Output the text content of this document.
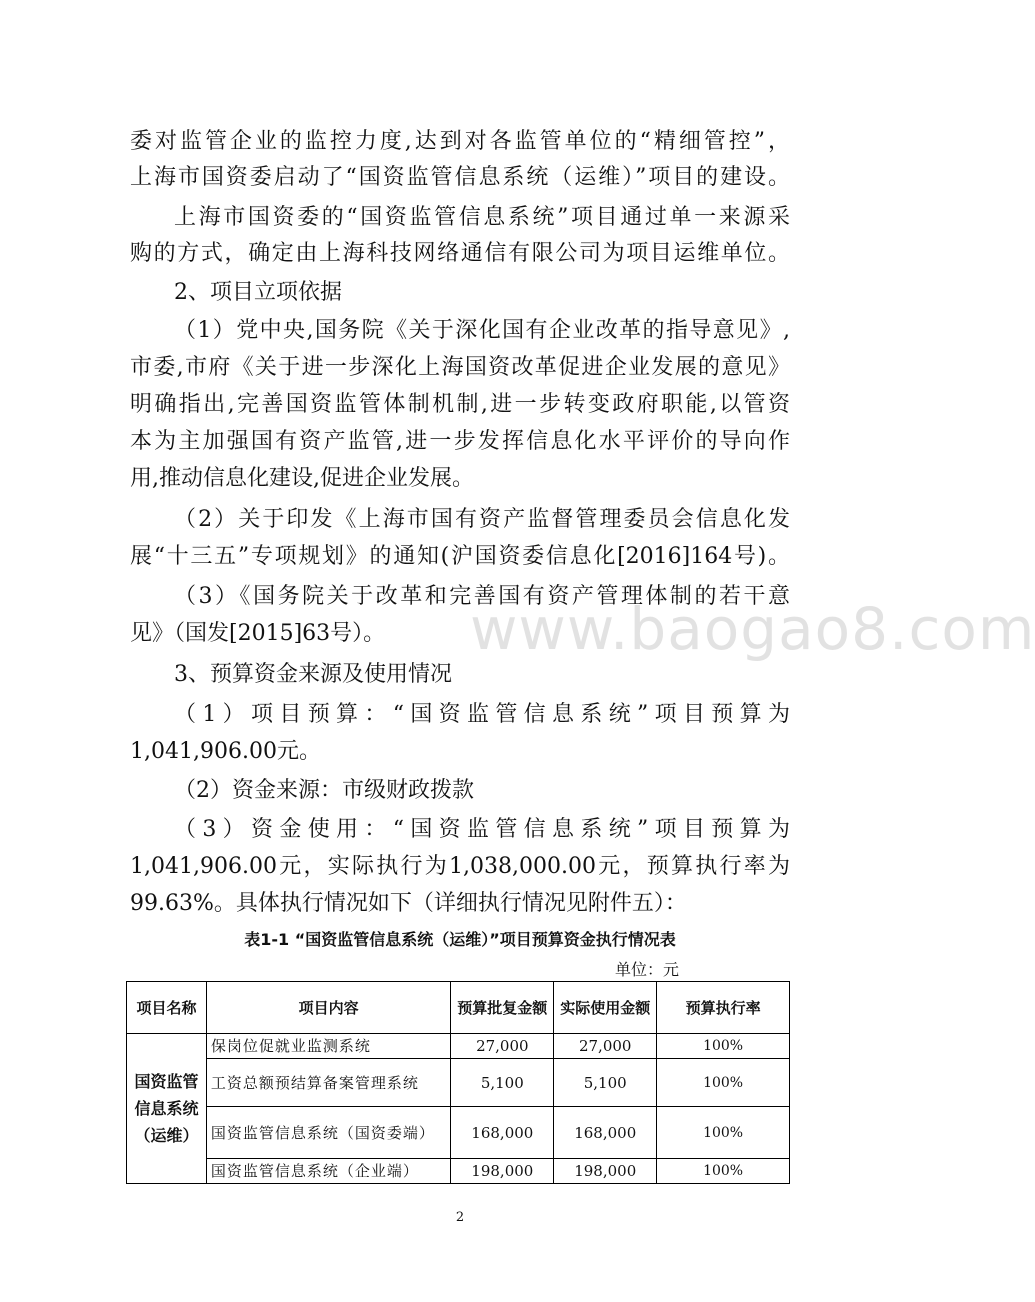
委对监管企业的监控力度,达到对各监管单位的“精细管控”，

上海市国资委启动了“国资监管信息系统（运维）”项目的建设。

上海市国资委的“国资监管信息系统”项目通过单一来源采

购的方式，确定由上海科技网络通信有限公司为项目运维单位。

2、项目立项依据

（1）党中央,国务院《关于深化国有企业改革的指导意见》,

市委,市府《关于进一步深化上海国资改革促进企业发展的意见》

明确指出,完善国资监管体制机制,进一步转变政府职能,以管资

本为主加强国有资产监管,进一步发挥信息化水平评价的导向作

用,推动信息化建设,促进企业发展。

（2）关于印发《上海市国有资产监督管理委员会信息化发

展“十三五”专项规划》的通知(沪国资委信息化[2016]164号)。

（3）《国务院关于改革和完善国有资产管理体制的若干意

见》（国发[2015]63号）。

3、预算资金来源及使用情况

（1）项目预算：“国资监管信息系统”项目预算为

1,041,906.00元。

（2）资金来源：市级财政拨款

（3）资金使用：“国资监管信息系统”项目预算为

1,041,906.00元，实际执行为1,038,000.00元，预算执行率为

99.63%。具体执行情况如下（详细执行情况见附件五）：

www.baogao8.com
表1-1 “国资监管信息系统（运维）”项目预算资金执行情况表
单位：元
项目名称	项目内容	预算批复金额	实际使用金额	预算执行率
国资监管信息系统（运维）	保岗位促就业监测系统	27,000	27,000	100%
	工资总额预结算备案管理系统	5,100	5,100	100%
	国资监管信息系统（国资委端）	168,000	168,000	100%
	国资监管信息系统（企业端）	198,000	198,000	100%
2
